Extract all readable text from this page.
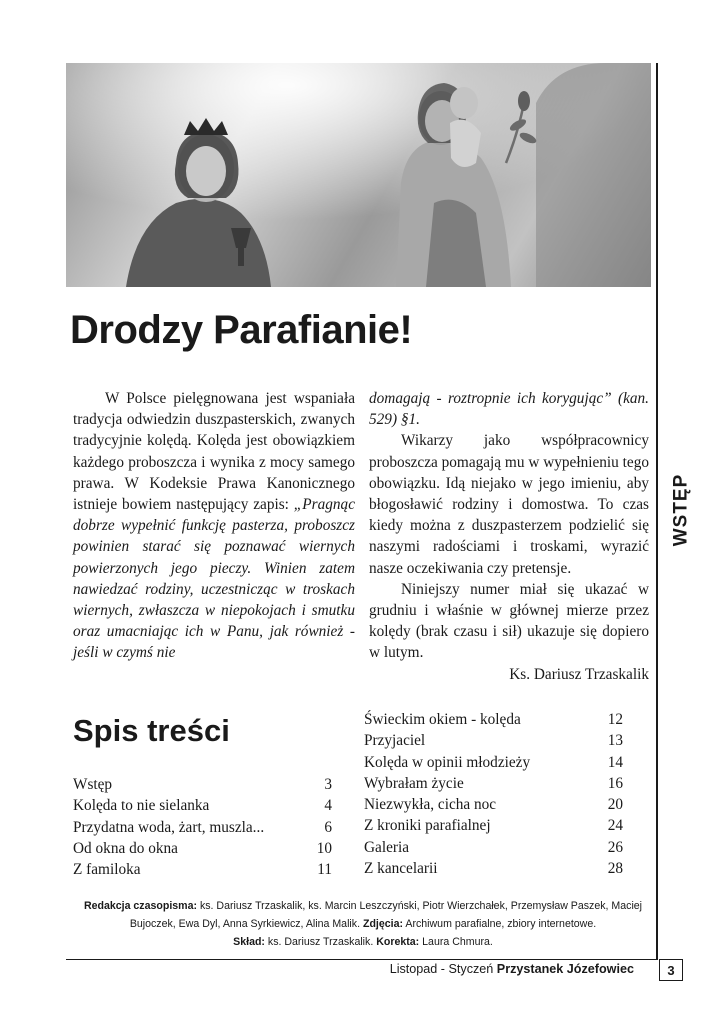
WSTĘP
Drodzy Parafianie!

W Polsce pielęgnowana jest wspaniała tradycja odwiedzin duszpasterskich, zwanych tradycyjnie kolędą. Kolęda jest obowiązkiem każdego proboszcza i wynika z mocy samego prawa. W Kodeksie Prawa Kanonicznego istnieje bowiem następujący zapis: „Pragnąc dobrze wypełnić funkcję pasterza, proboszcz powinien starać się poznawać wiernych powierzonych jego pieczy. Winien zatem nawiedzać rodziny, uczestnicząc w troskach wiernych, zwłaszcza w niepokojach i smutku oraz umacniając ich w Panu, jak również - jeśli w czymś nie

domagają - roztropnie ich korygując” (kan. 529) §1.

Wikarzy jako współpracownicy proboszcza pomagają mu w wypełnieniu tego obowiązku. Idą niejako w jego imieniu, aby błogosławić rodziny i domostwa. To czas kiedy można z duszpasterzem podzielić się naszymi radościami i troskami, wyrazić nasze oczekiwania czy pretensje.

Niniejszy numer miał się ukazać w grudniu i właśnie w głównej mierze przez kolędy (brak czasu i sił) ukazuje się dopiero w lutym.

Ks. Dariusz Trzaskalik

Spis treści
Wstęp	3
Kolęda to nie sielanka	4
Przydatna woda, żart, muszla...	6
Od okna do okna	10
Z familoka	11
Świeckim okiem - kolęda	12
Przyjaciel	13
Kolęda w opinii młodzieży	14
Wybrałam życie	16
Niezwykła, cicha noc	20
Z kroniki parafialnej	24
Galeria	26
Z kancelarii	28
Redakcja czasopisma: ks. Dariusz Trzaskalik, ks. Marcin Leszczyński, Piotr Wierzchałek, Przemysław Paszek, Maciej Bujoczek, Ewa Dyl, Anna Syrkiewicz, Alina Malik. Zdjęcia: Archiwum parafialne, zbiory internetowe.
Skład: ks. Dariusz Trzaskalik. Korekta: Laura Chmura.
Listopad - Styczeń Przystanek Józefowiec	3
